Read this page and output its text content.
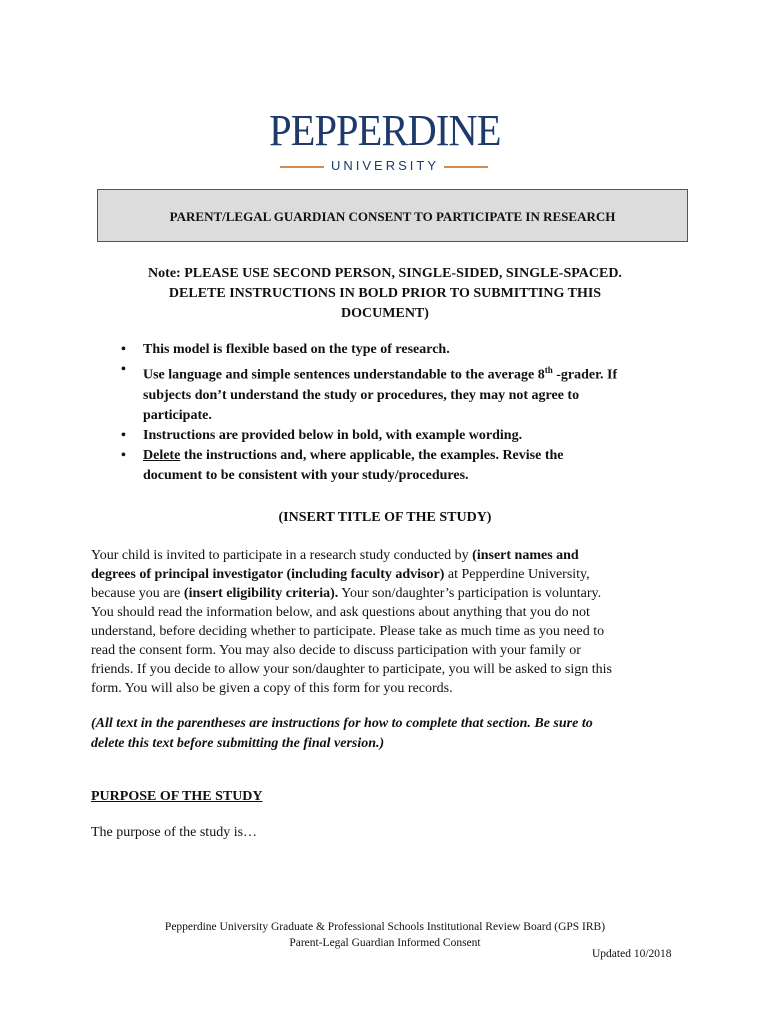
PEPPERDINE
UNIVERSITY
PARENT/LEGAL GUARDIAN CONSENT TO PARTICIPATE IN RESEARCH
Note: PLEASE USE SECOND PERSON, SINGLE-SIDED, SINGLE-SPACED.
DELETE INSTRUCTIONS IN BOLD PRIOR TO SUBMITTING THIS
DOCUMENT)
• This model is flexible based on the type of research.
• Use language and simple sentences understandable to the average 8th -grader. If
subjects don’t understand the study or procedures, they may not agree to
participate.
• Instructions are provided below in bold, with example wording.
• Delete the instructions and, where applicable, the examples. Revise the
document to be consistent with your study/procedures.
(INSERT TITLE OF THE STUDY)
Your child is invited to participate in a research study conducted by (insert names and
degrees of principal investigator (including faculty advisor) at Pepperdine University,
because you are (insert eligibility criteria). Your son/daughter’s participation is voluntary.
You should read the information below, and ask questions about anything that you do not
understand, before deciding whether to participate. Please take as much time as you need to
read the consent form. You may also decide to discuss participation with your family or
friends. If you decide to allow your son/daughter to participate, you will be asked to sign this
form. You will also be given a copy of this form for you records.
(All text in the parentheses are instructions for how to complete that section. Be sure to
delete this text before submitting the final version.)
PURPOSE OF THE STUDY
The purpose of the study is…
Pepperdine University Graduate & Professional Schools Institutional Review Board (GPS IRB)
Parent-Legal Guardian Informed Consent
Updated 10/2018
